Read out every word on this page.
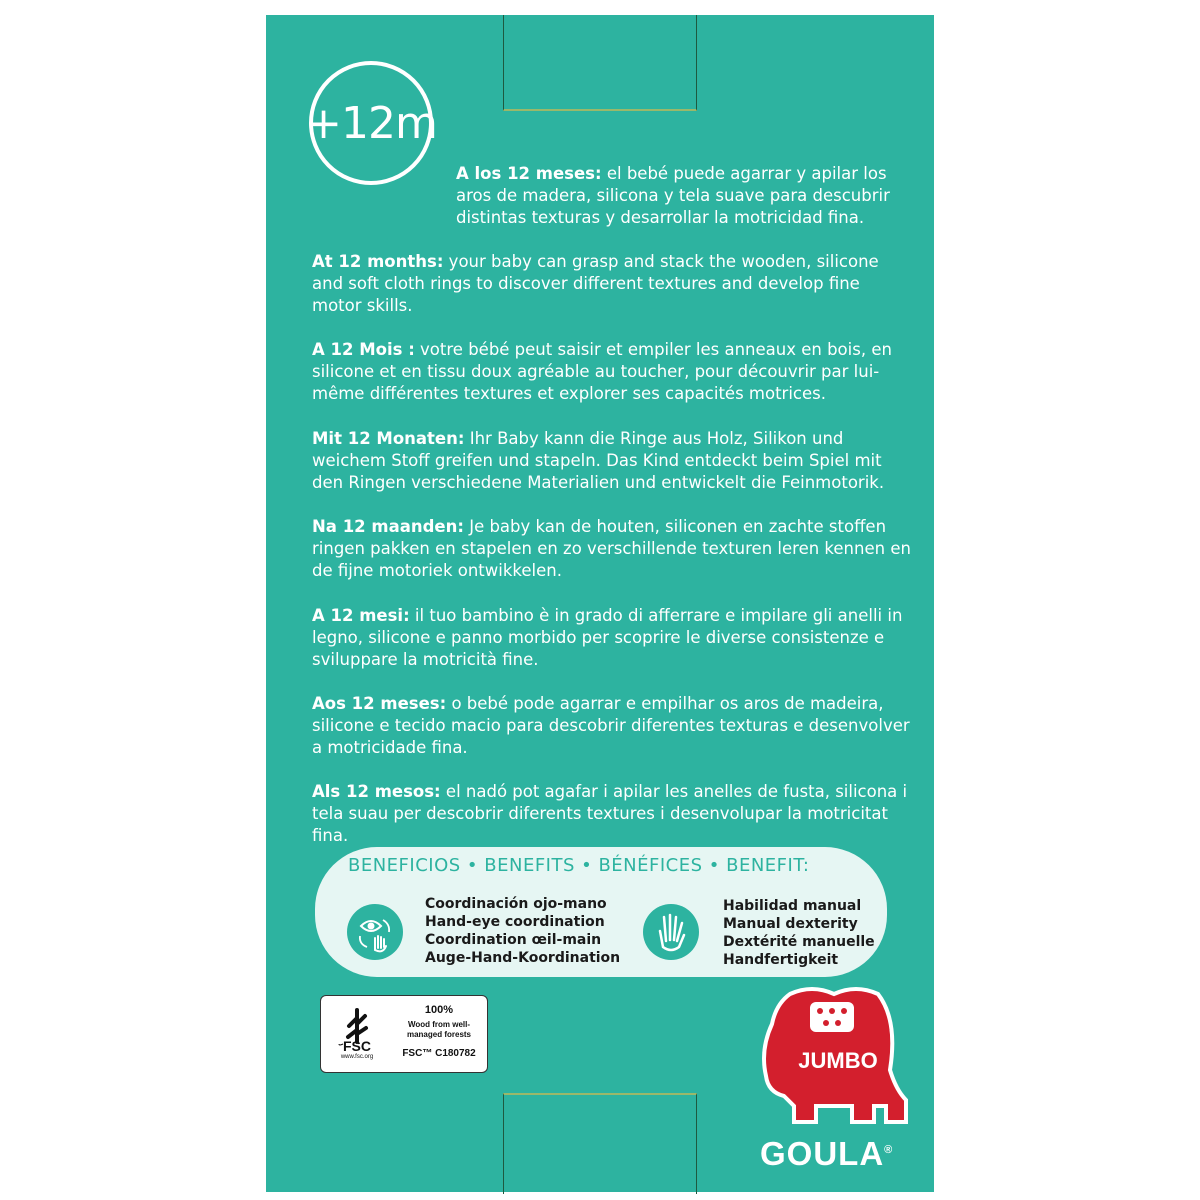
+12m

A los 12 meses: el bebé puede agarrar y apilar los aros de madera, silicona y tela suave para descubrir distintas texturas y desarrollar la motricidad fina.

At 12 months: your baby can grasp and stack the wooden, silicone and soft cloth rings to discover different textures and develop fine motor skills.

A 12 Mois : votre bébé peut saisir et empiler les anneaux en bois, en silicone et en tissu doux agréable au toucher, pour découvrir par lui-même différentes textures et explorer ses capacités motrices.

Mit 12 Monaten: Ihr Baby kann die Ringe aus Holz, Silikon und weichem Stoff greifen und stapeln. Das Kind entdeckt beim Spiel mit den Ringen verschiedene Materialien und entwickelt die Feinmotorik.

Na 12 maanden: Je baby kan de houten, siliconen en zachte stoffen ringen pakken en stapelen en zo verschillende texturen leren kennen en de fijne motoriek ontwikkelen.

A 12 mesi: il tuo bambino è in grado di afferrare e impilare gli anelli in legno, silicone e panno morbido per scoprire le diverse consistenze e sviluppare la motricità fine.

Aos 12 meses: o bebé pode agarrar e empilhar os aros de madeira, silicone e tecido macio para descobrir diferentes texturas e desenvolver a motricidade fina.

Als 12 mesos: el nadó pot agafar i apilar les anelles de fusta, silicona i tela suau per descobrir diferents textures i desenvolupar la motricitat fina.

BENEFICIOS • BENEFITS • BÉNÉFICES • BENEFIT:
Coordinación ojo-mano
Hand-eye coordination
Coordination œil-main
Auge-Hand-Koordination
Habilidad manual
Manual dexterity
Dextérité manuelle
Handfertigkeit
FSC
www.fsc.org
100%
Wood from well-managed forests
FSC™ C180782	JUMBO
GOULA®
